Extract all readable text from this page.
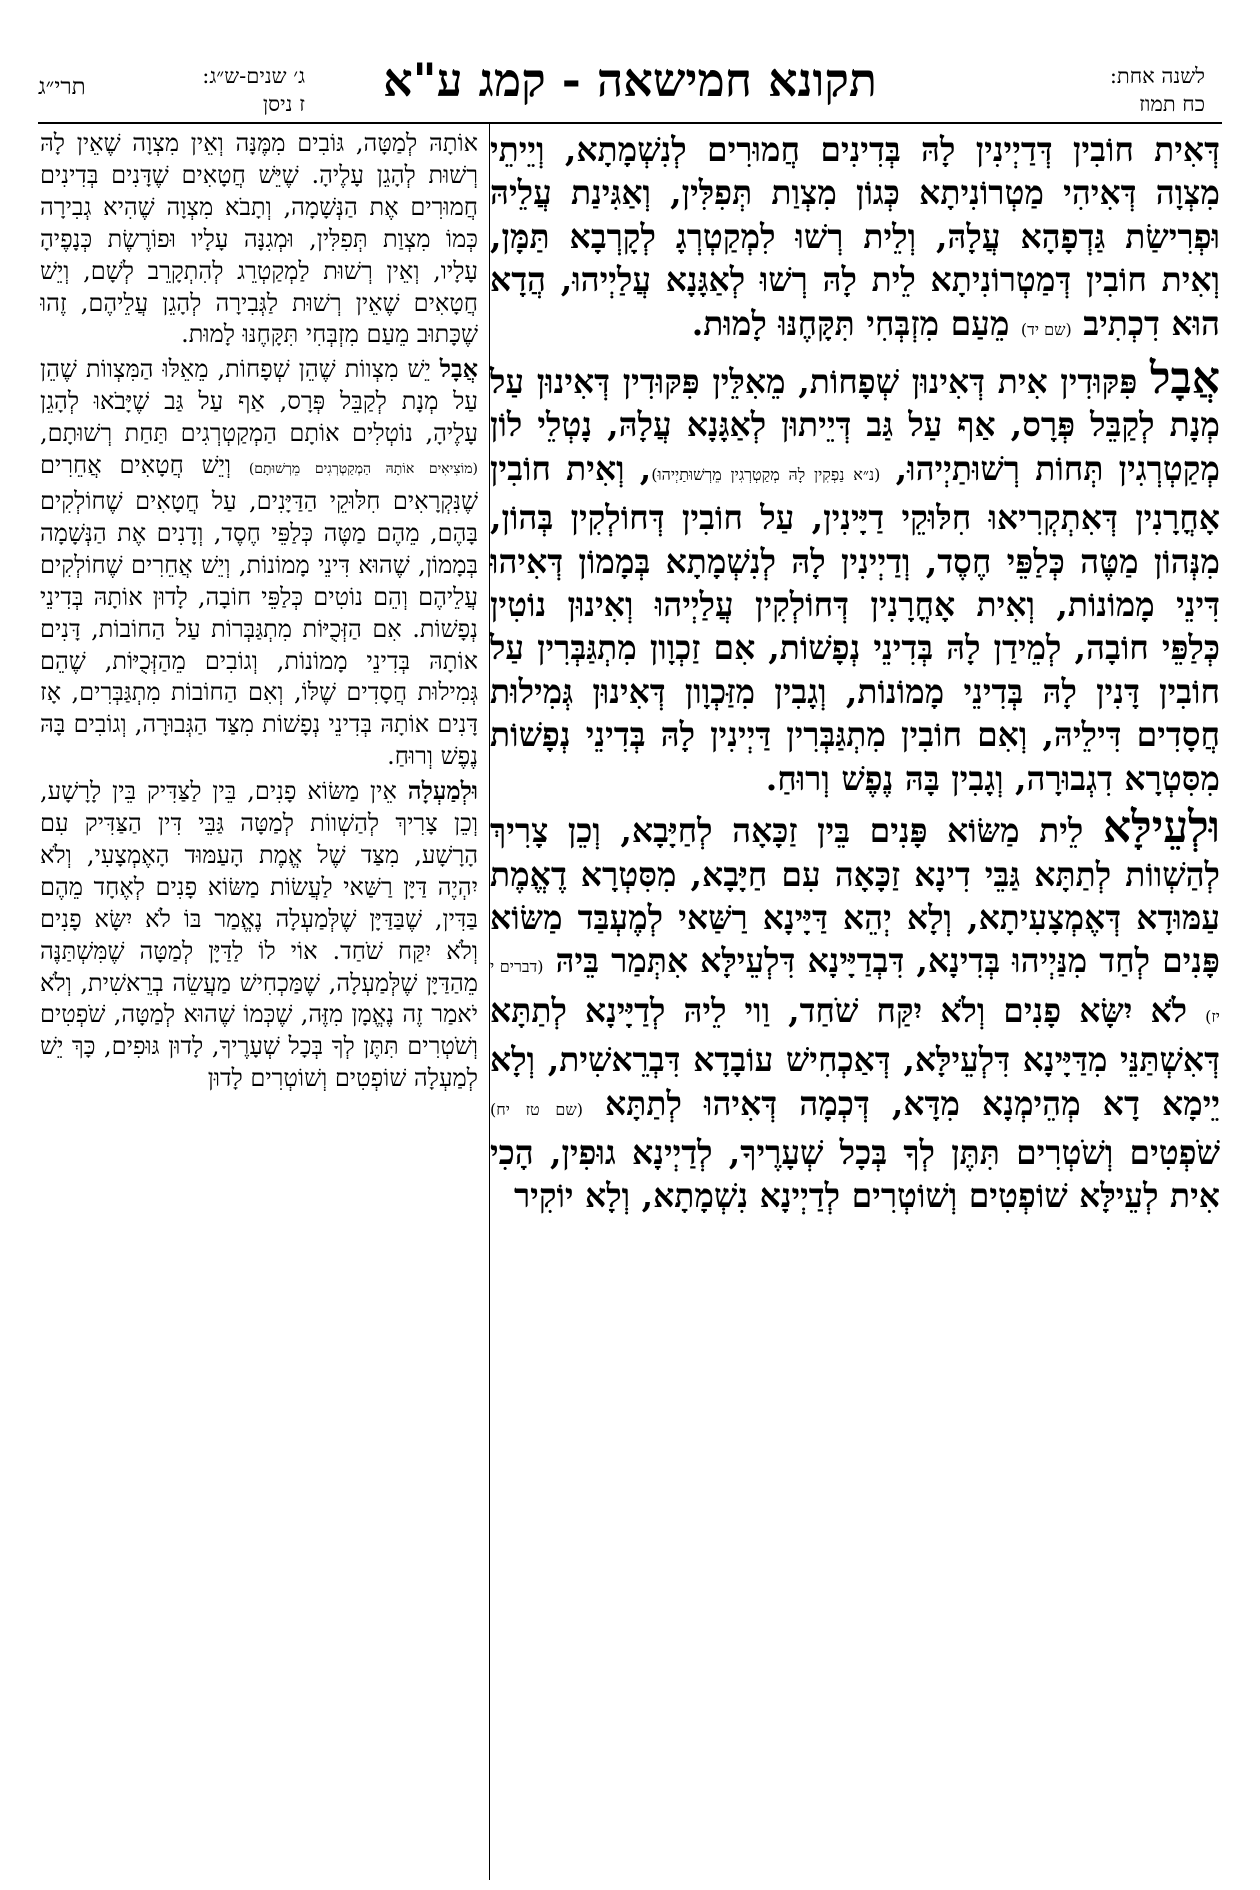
לשנה אחת:
כח תמוז
תקונא חמישאה - קמג ע"א
ג׳ שנים-ש״ג:
ז ניסן
תרי״ג

דְּאִית חוֹבִין דְּדַיְינִין לָהּ בְּדִינִים חֲמוּרִים לְנִשְׁמָתָא, וְיֵיתֵי מִצְוָה דְּאִיהִי מַטְרוֹנִיתָא כְּגוֹן מִצְוַת תְּפִלִּין, וְאַגִּינַת עֲלֵיהּ וּפְרִישַׂת גַּדְפָהָא עֲלָהּ, וְלֵית רְשׁוּ לִמְקַטְרְגָ לְקָרְבָא תַּמָּן, וְאִית חוֹבִין דְּמַטְרוֹנִיתָא לֵית לָהּ רְשׁוּ לְאַגָּנָא עֲלַיְיהוּ, הֲדָא הוּא דִכְתִיב (שם יד) מֵעַם מִזְבְּחִי תִּקָּחֶנּוּ לָמוּת.

אֲבָל פִּקּוּדִין אִית דְּאִינוּן שְׁפָחוֹת, מֵאִלֵּין פִּקּוּדִין דְּאִינוּן עַל מְנָת לְקַבֵּל פְּרָס, אַף עַל גַּב דְּיֵיתוּן לְאַגָּנָא עֲלָהּ, נָטְלֵי לוֹן מְקַטְרְגִין תְּחוֹת רְשׁוּתַיְיהוּ, (נ״א נַפְקִין לָהּ מְקַטְרְגִין מֵרְשׁוּתַיְיהוּ), וְאִית חוֹבִין אָחֳרָנִין דְּאִתְקְרִיאוּ חִלּוּקֵי דַיָּינִין, עַל חוֹבִין דְּחוֹלְקִין בְּהוֹן, מִנְּהוֹן מַטֶּה כְּלַפֵּי חֶסֶד, וְדַיְינִין לָהּ לְנִשְׁמָתָא בְּמָמוֹן דְּאִיהוּ דִּינֵי מָמוֹנוֹת, וְאִית אָחֳרָנִין דְּחוֹלְקִין עֲלַיְיהוּ וְאִינוּן נוֹטִין כְּלַפֵּי חוֹבָה, לְמֵידַן לָהּ בְּדִינֵי נְפָשׁוֹת, אִם זַכְוָון מִתְגַּבְּרִין עַל חוֹבִין דָּנִין לָהּ בְּדִינֵי מָמוֹנוֹת, וְגָבִין מִזַּכְוָון דְּאִינוּן גְּמִילוּת חֲסָדִים דִּילֵיהּ, וְאִם חוֹבִין מִתְגַּבְּרִין דַּיְינִין לָהּ בְּדִינֵי נְפָשׁוֹת מִסִּטְרָא דִגְבוּרָה, וְגָבִין בָּהּ נֶפֶשׁ וְרוּחַ.

וּלְעֵילָּא לֵית מַשּׂוֹא פָּנִים בֵּין זַכָּאָה לְחַיָּבָא, וְכֵן צָרִיךְ לְהַשְׁווֹת לְתַתָּא גַּבֵּי דִינָא זַכָּאָה עִם חַיָּבָא, מִסִּטְרָא דֶאֱמֶת עַמּוּדָא דְּאֶמְצָעִיתָא, וְלָא יְהֵא דַּיָּינָא רַשַּׁאי לְמֶעְבַּד מַשּׂוֹא פָּנִים לְחַד מִנַּיְיהוּ בְּדִינָא, דִּבְדַיָּינָא דִּלְעֵילָּא אִתְּמַר בֵּיהּ (דברים י יז) לֹא יִשָּׂא פָנִים וְלֹא יִקַּח שֹׁחַד, וַוי לֵיהּ לְדַיָּינָא לְתַתָּא דְּאִשְׁתַּנֵּי מִדַּיָּינָא דִּלְעֵילָּא, דְּאַכְחִישׁ עוֹבָדָא דִּבְרֵאשִׁית, וְלָא יֵימָא דָא מְהֵימְנָא מִדָּא, דְּכְמָה דְּאִיהוּ לְתַתָּא (שם טז יח) שֹׁפְטִים וְשֹׁטְרִים תִּתֶּן לְךָ בְּכָל שְׁעָרֶיךָ, לְדַיְינָא גוּפִין, הָכִי אִית לְעֵילָּא שׁוֹפְטִים וְשׁוֹטְרִים לְדַיְינָא נִשְׁמָתָא, וְלָא יוֹקִיר

אוֹתָהּ לְמַטָּה, גּוֹבִים מִמֶּנָּה וְאֵין מִצְוָה שֶׁאֵין לָהּ רְשׁוּת לְהָגֵן עָלֶיהָ. שֶׁיֵּשׁ חֲטָאִים שֶׁדָּנִים בְּדִינִים חֲמוּרִים אֶת הַנְּשָׁמָה, וְתָבֹא מִצְוָה שֶׁהִיא גְבִירָה כְּמוֹ מִצְוַת תְּפִלִּין, וּמְגִנָּה עָלָיו וּפוֹרֶשֶׂת כְּנָפֶיהָ עָלָיו, וְאֵין רְשׁוּת לַמְקַטְרֵג לְהִתְקָרֵב לְשָׁם, וְיֵשׁ חֲטָאִים שֶׁאֵין רְשׁוּת לַגְּבִירָה לְהָגֵן עֲלֵיהֶם, זֶהוּ שֶׁכָּתוּב מֵעַם מִזְבְּחִי תִּקָּחֶנּוּ לָמוּת.

אֲבָל יֵשׁ מִצְווֹת שֶׁהֵן שְׁפָחוֹת, מֵאֵלּוּ הַמִּצְווֹת שֶׁהֵן עַל מְנָת לְקַבֵּל פְּרָס, אַף עַל גַּב שֶׁיָּבֹאוּ לְהָגֵן עָלֶיהָ, נוֹטְלִים אוֹתָם הַמְקַטְרְגִים תַּחַת רְשׁוּתָם, (מוֹצִיאִים אוֹתָהּ הַמְקַטְרְגִים מֵרְשׁוּתָם) וְיֵשׁ חֲטָאִים אֲחֵרִים שֶׁנִּקְרָאִים חִלּוּקֵי הַדַּיָּנִים, עַל חֲטָאִים שֶׁחוֹלְקִים בָּהֶם, מֵהֶם מַטֶּה כְּלַפֵּי חֶסֶד, וְדָנִים אֶת הַנְּשָׁמָה בְּמָמוֹן, שֶׁהוּא דִּינֵי מָמוֹנוֹת, וְיֵשׁ אֲחֵרִים שֶׁחוֹלְקִים עֲלֵיהֶם וְהֵם נוֹטִים כְּלַפֵּי חוֹבָה, לָדוּן אוֹתָהּ בְּדִינֵי נְפָשׁוֹת. אִם הַזְּכֻיּוֹת מִתְגַּבְּרוֹת עַל הַחוֹבוֹת, דָּנִים אוֹתָהּ בְּדִינֵי מָמוֹנוֹת, וְגוֹבִים מֵהַזְּכֻיּוֹת, שֶׁהֵם גְּמִילוּת חֲסָדִים שֶׁלּוֹ, וְאִם הַחוֹבוֹת מִתְגַּבְּרִים, אָז דָּנִים אוֹתָהּ בְּדִינֵי נְפָשׁוֹת מִצַּד הַגְּבוּרָה, וְגוֹבִים בָּהּ נֶפֶשׁ וְרוּחַ.

וּלְמַעְלָה אֵין מַשּׂוֹא פָנִים, בֵּין לַצַּדִּיק בֵּין לָרָשָׁע, וְכֵן צָרִיךְ לְהַשְׁווֹת לְמַטָּה גַּבֵּי דִּין הַצַּדִּיק עִם הָרָשָׁע, מִצַּד שֶׁל אֱמֶת הָעַמּוּד הָאֶמְצָעִי, וְלֹא יִהְיֶה דַּיָּן רַשַּׁאי לַעֲשׂוֹת מַשּׂוֹא פָנִים לְאֶחָד מֵהֶם בַּדִּין, שֶׁבַּדַּיָּן שֶׁלְּמַעְלָה נֶאֱמַר בּוֹ לֹא יִשָּׂא פָנִים וְלֹא יִקַּח שֹׁחַד. אוֹי לוֹ לַדַּיָּן לְמַטָּה שֶׁמִּשְׁתַּנֶּה מֵהַדַּיָּן שֶׁלְּמַעְלָה, שֶׁמַּכְחִישׁ מַעֲשֵׂה בְרֵאשִׁית, וְלֹא יֹאמַר זֶה נֶאֱמָן מִזֶּה, שֶׁכְּמוֹ שֶׁהוּא לְמַטָּה, שֹׁפְטִים וְשֹׁטְרִים תִּתֶּן לְךָ בְּכָל שְׁעָרֶיךָ, לָדוּן גּוּפִים, כָּךְ יֵשׁ לְמַעְלָה שׁוֹפְטִים וְשׁוֹטְרִים לָדוּן
